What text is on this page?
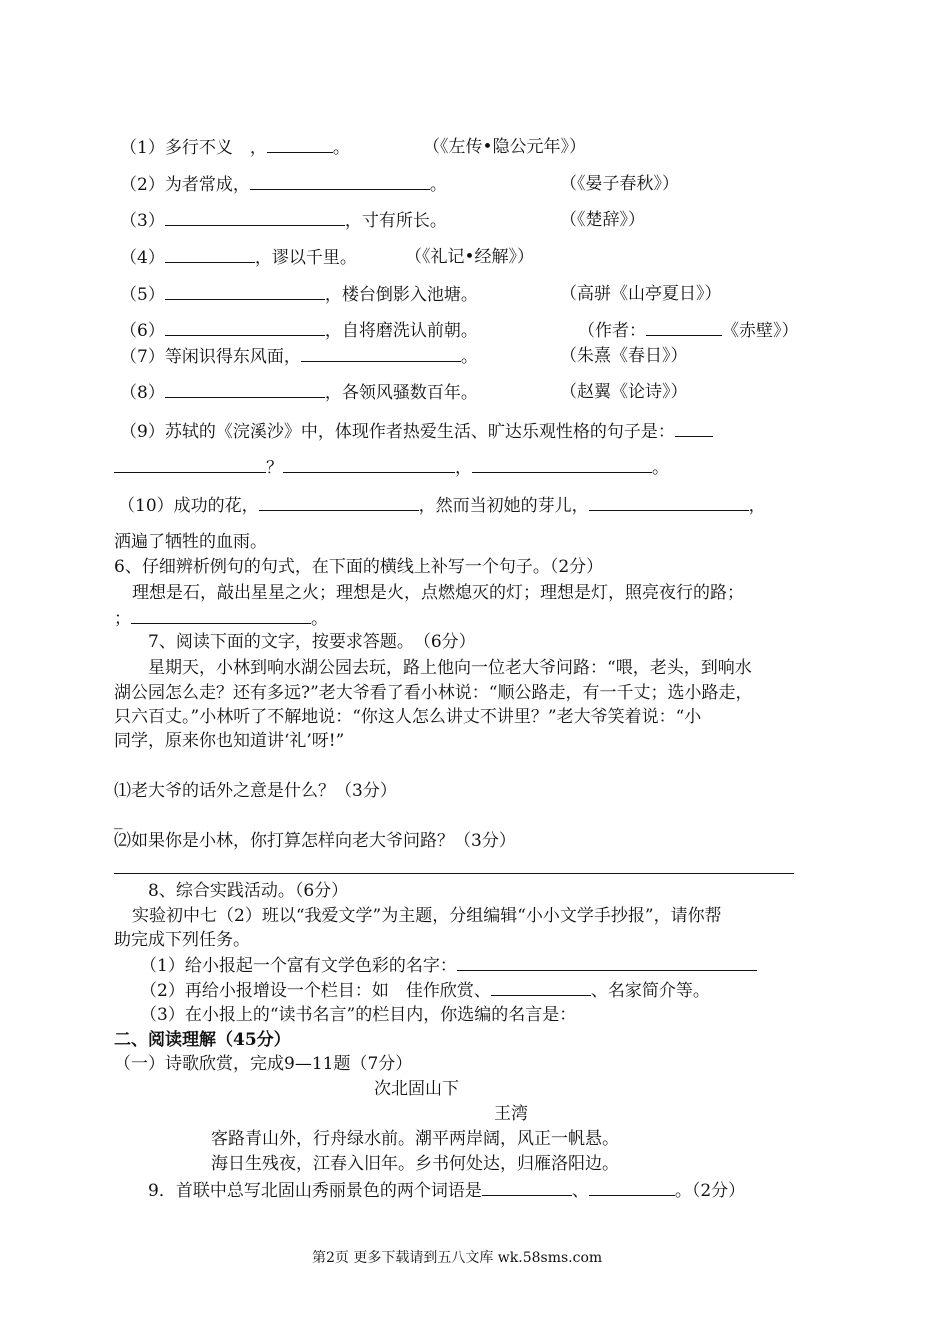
（1）多行不义　，	。	（《左传•隐公元年》）
（2）为者常成，	。	（《晏子春秋》）
（3）	，寸有所长。	（《楚辞》）
（4）	，谬以千里。	（《礼记•经解》）
（5）	，楼台倒影入池塘。	（高骈《山亭夏日》）
（6）	，自将磨洗认前朝。	（作者：	《赤壁》）
（7）等闲识得东风面，	。	（朱熹《春日》）
（8）	，各领风骚数百年。	（赵翼《论诗》）
（9）苏轼的《浣溪沙》中，体现作者热爱生活、旷达乐观性格的句子是：
？	，	。
（10）成功的花，	，然而当初她的芽儿，	，
洒遍了牺牲的血雨。
6、仔细辨析例句的句式，在下面的横线上补写一个句子。（2分）
理想是石，敲出星星之火；理想是火，点燃熄灭的灯；理想是灯，照亮夜行的路；
；	。
7、阅读下面的文字，按要求答题。　（6分）
星期天，小林到响水湖公园去玩，路上他向一位老大爷问路：“喂，老头，到响水
湖公园怎么走？还有多远?”老大爷看了看小林说：“顺公路走，有一千丈；选小路走，
只六百丈。”小林听了不解地说：“你这人怎么讲丈不讲里？”老大爷笑着说：“小
同学，原来你也知道讲‘礼’呀!”
⑴老大爷的话外之意是什么？（3分）
_
⑵如果你是小林，你打算怎样向老大爷问路？（3分）
8、综合实践活动。（6分）
实验初中七（2）班以“我爱文学”为主题，分组编辑“小小文学手抄报”，请你帮
助完成下列任务。
（1）给小报起一个富有文学色彩的名字：
（2）再给小报增设一个栏目：如　佳作欣赏、	、名家简介等。
（3）在小报上的“读书名言”的栏目内，你选编的名言是：
二、阅读理解（45分）
（一）诗歌欣赏，完成9—11题（7分）
次北固山下
王湾
客路青山外，行舟绿水前。潮平两岸阔，风正一帆悬。
海日生残夜，江春入旧年。乡书何处达，归雁洛阳边。
9．首联中总写北固山秀丽景色的两个词语是	、	。（2分）
第2页 更多下载请到五八文库 wk.58sms.com
